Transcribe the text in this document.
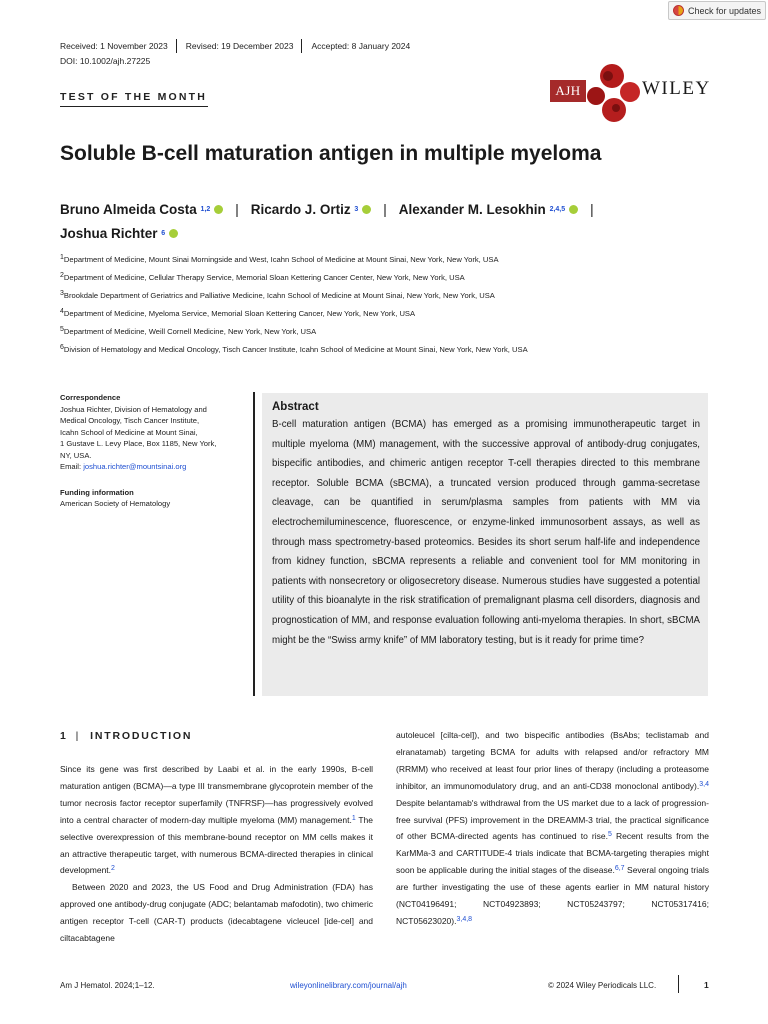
Check for updates
Received: 1 November 2023 Revised: 19 December 2023 Accepted: 8 January 2024
DOI: 10.1002/ajh.27225
TEST OF THE MONTH	AJH	WILEY
Soluble B-cell maturation antigen in multiple myeloma
Bruno Almeida Costa $^{1,2}$ | Ricardo J. Ortiz $^3$ | Alexander M. Lesokhin $^{2,4,5}$ |
Joshua Richter $^6$
$^1$Department of Medicine, Mount Sinai Morningside and West, Icahn School of Medicine at Mount Sinai, New York, New York, USA
$^2$Department of Medicine, Cellular Therapy Service, Memorial Sloan Kettering Cancer Center, New York, New York, USA
$^3$Brookdale Department of Geriatrics and Palliative Medicine, Icahn School of Medicine at Mount Sinai, New York, New York, USA
$^4$Department of Medicine, Myeloma Service, Memorial Sloan Kettering Cancer, New York, New York, USA
$^5$Department of Medicine, Weill Cornell Medicine, New York, New York, USA
$^6$Division of Hematology and Medical Oncology, Tisch Cancer Institute, Icahn School of Medicine at Mount Sinai, New York, New York, USA
Correspondence
Joshua Richter, Division of Hematology and
Medical Oncology, Tisch Cancer Institute,
Icahn School of Medicine at Mount Sinai,
1 Gustave L. Levy Place, Box 1185, New York,
NY, USA.
Email: joshua.richter@mountsinai.org
Funding information
American Society of Hematology
Abstract
B-cell maturation antigen (BCMA) has emerged as a promising immunotherapeutic target in multiple myeloma (MM) management, with the successive approval of antibody-drug conjugates, bispecific antibodies, and chimeric antigen receptor T-cell therapies directed to this membrane receptor. Soluble BCMA (sBCMA), a truncated version produced through gamma-secretase cleavage, can be quantified in serum/plasma samples from patients with MM via electrochemiluminescence, fluorescence, or enzyme-linked immunosorbent assays, as well as through mass spectrometry-based proteomics. Besides its short serum half-life and independence from kidney function, sBCMA represents a reliable and convenient tool for MM monitoring in patients with nonsecretory or oligosecretory disease. Numerous studies have suggested a potential utility of this bioanalyte in the risk stratification of premalignant plasma cell disorders, diagnosis and prognostication of MM, and response evaluation following anti-myeloma therapies. In short, sBCMA might be the “Swiss army knife” of MM laboratory testing, but is it ready for prime time?
1 | INTRODUCTION

Since its gene was first described by Laabi et al. in the early 1990s, B-cell maturation antigen (BCMA)—a type III transmembrane glycoprotein member of the tumor necrosis factor receptor superfamily (TNFRSF)—has progressively evolved into a central character of modern-day multiple myeloma (MM) management.$^1$ The selective overexpression of this membrane-bound receptor on MM cells makes it an attractive therapeutic target, with numerous BCMA-directed therapies in clinical development.$^2$

Between 2020 and 2023, the US Food and Drug Administration (FDA) has approved one antibody-drug conjugate (ADC; belantamab mafodotin), two chimeric antigen receptor T-cell (CAR-T) products (idecabtagene vicleucel [ide-cel] and ciltacabtagene

autoleucel [cilta-cel]), and two bispecific antibodies (BsAbs; teclistamab and elranatamab) targeting BCMA for adults with relapsed and/or refractory MM (RRMM) who received at least four prior lines of therapy (including a proteasome inhibitor, an immunomodulatory drug, and an anti-CD38 monoclonal antibody).$^{3,4}$ Despite belantamab's withdrawal from the US market due to a lack of progression-free survival (PFS) improvement in the DREAMM-3 trial, the practical significance of other BCMA-directed agents has continued to rise.$^5$ Recent results from the KarMMa-3 and CARTITUDE-4 trials indicate that BCMA-targeting therapies might soon be applicable during the initial stages of the disease.$^{6,7}$ Several ongoing trials are further investigating the use of these agents earlier in MM natural history (NCT04196491; NCT04923893; NCT05243797; NCT05317416; NCT05623020).$^{3,4,8}$

Am J Hematol. 2024;1–12.	wileyonlinelibrary.com/journal/ajh	© 2024 Wiley Periodicals LLC.	1
